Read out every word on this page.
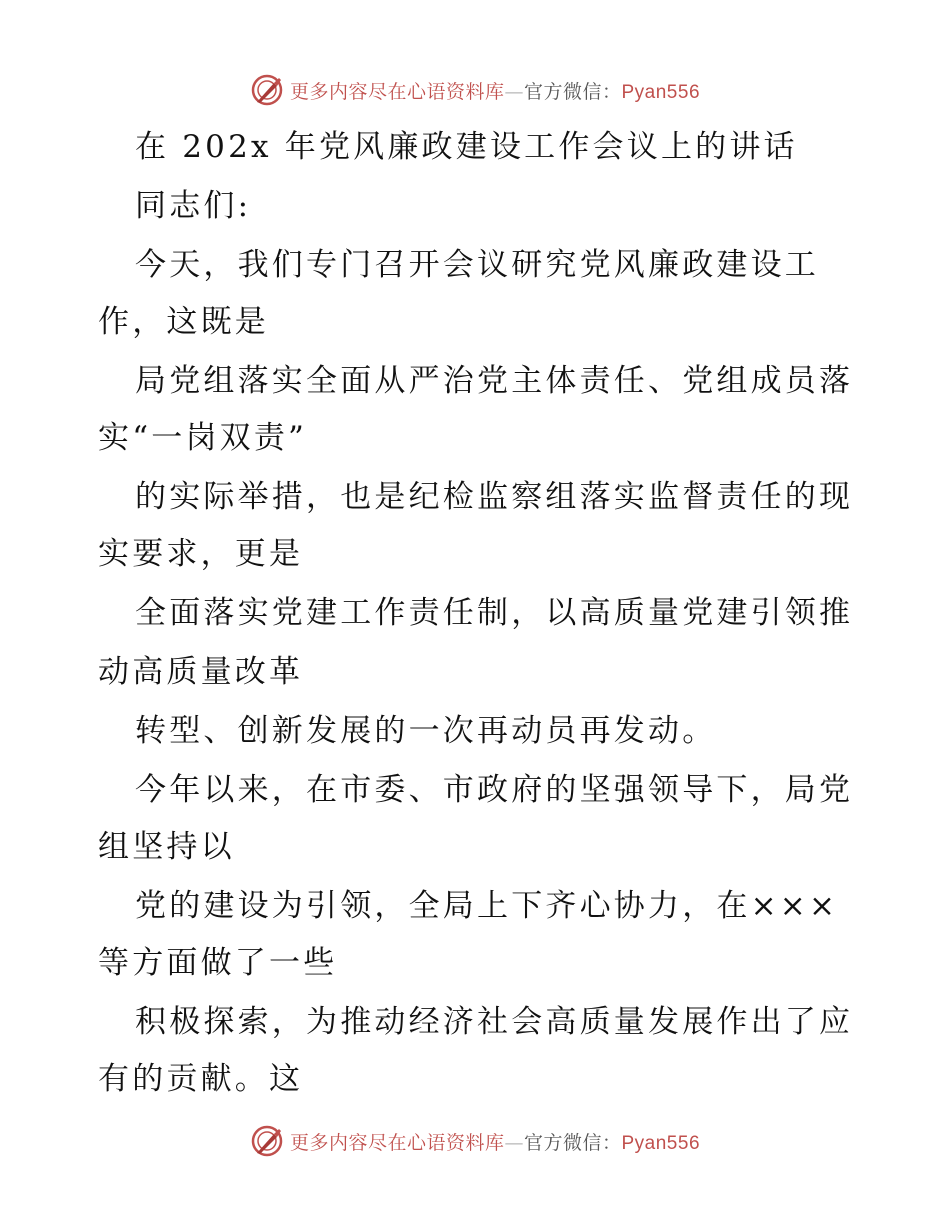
更多内容尽在心语资料库—官方微信：Pyan556
在 202x 年党风廉政建设工作会议上的讲话
同志们:
今天，我们专门召开会议研究党风廉政建设工
作，这既是
局党组落实全面从严治党主体责任、党组成员落
实“一岗双责”
的实际举措，也是纪检监察组落实监督责任的现
实要求，更是
全面落实党建工作责任制，以高质量党建引领推
动高质量改革
转型、创新发展的一次再动员再发动。
今年以来，在市委、市政府的坚强领导下，局党
组坚持以
党的建设为引领，全局上下齐心协力，在×××
等方面做了一些
积极探索，为推动经济社会高质量发展作出了应
有的贡献。这
更多内容尽在心语资料库—官方微信：Pyan556
